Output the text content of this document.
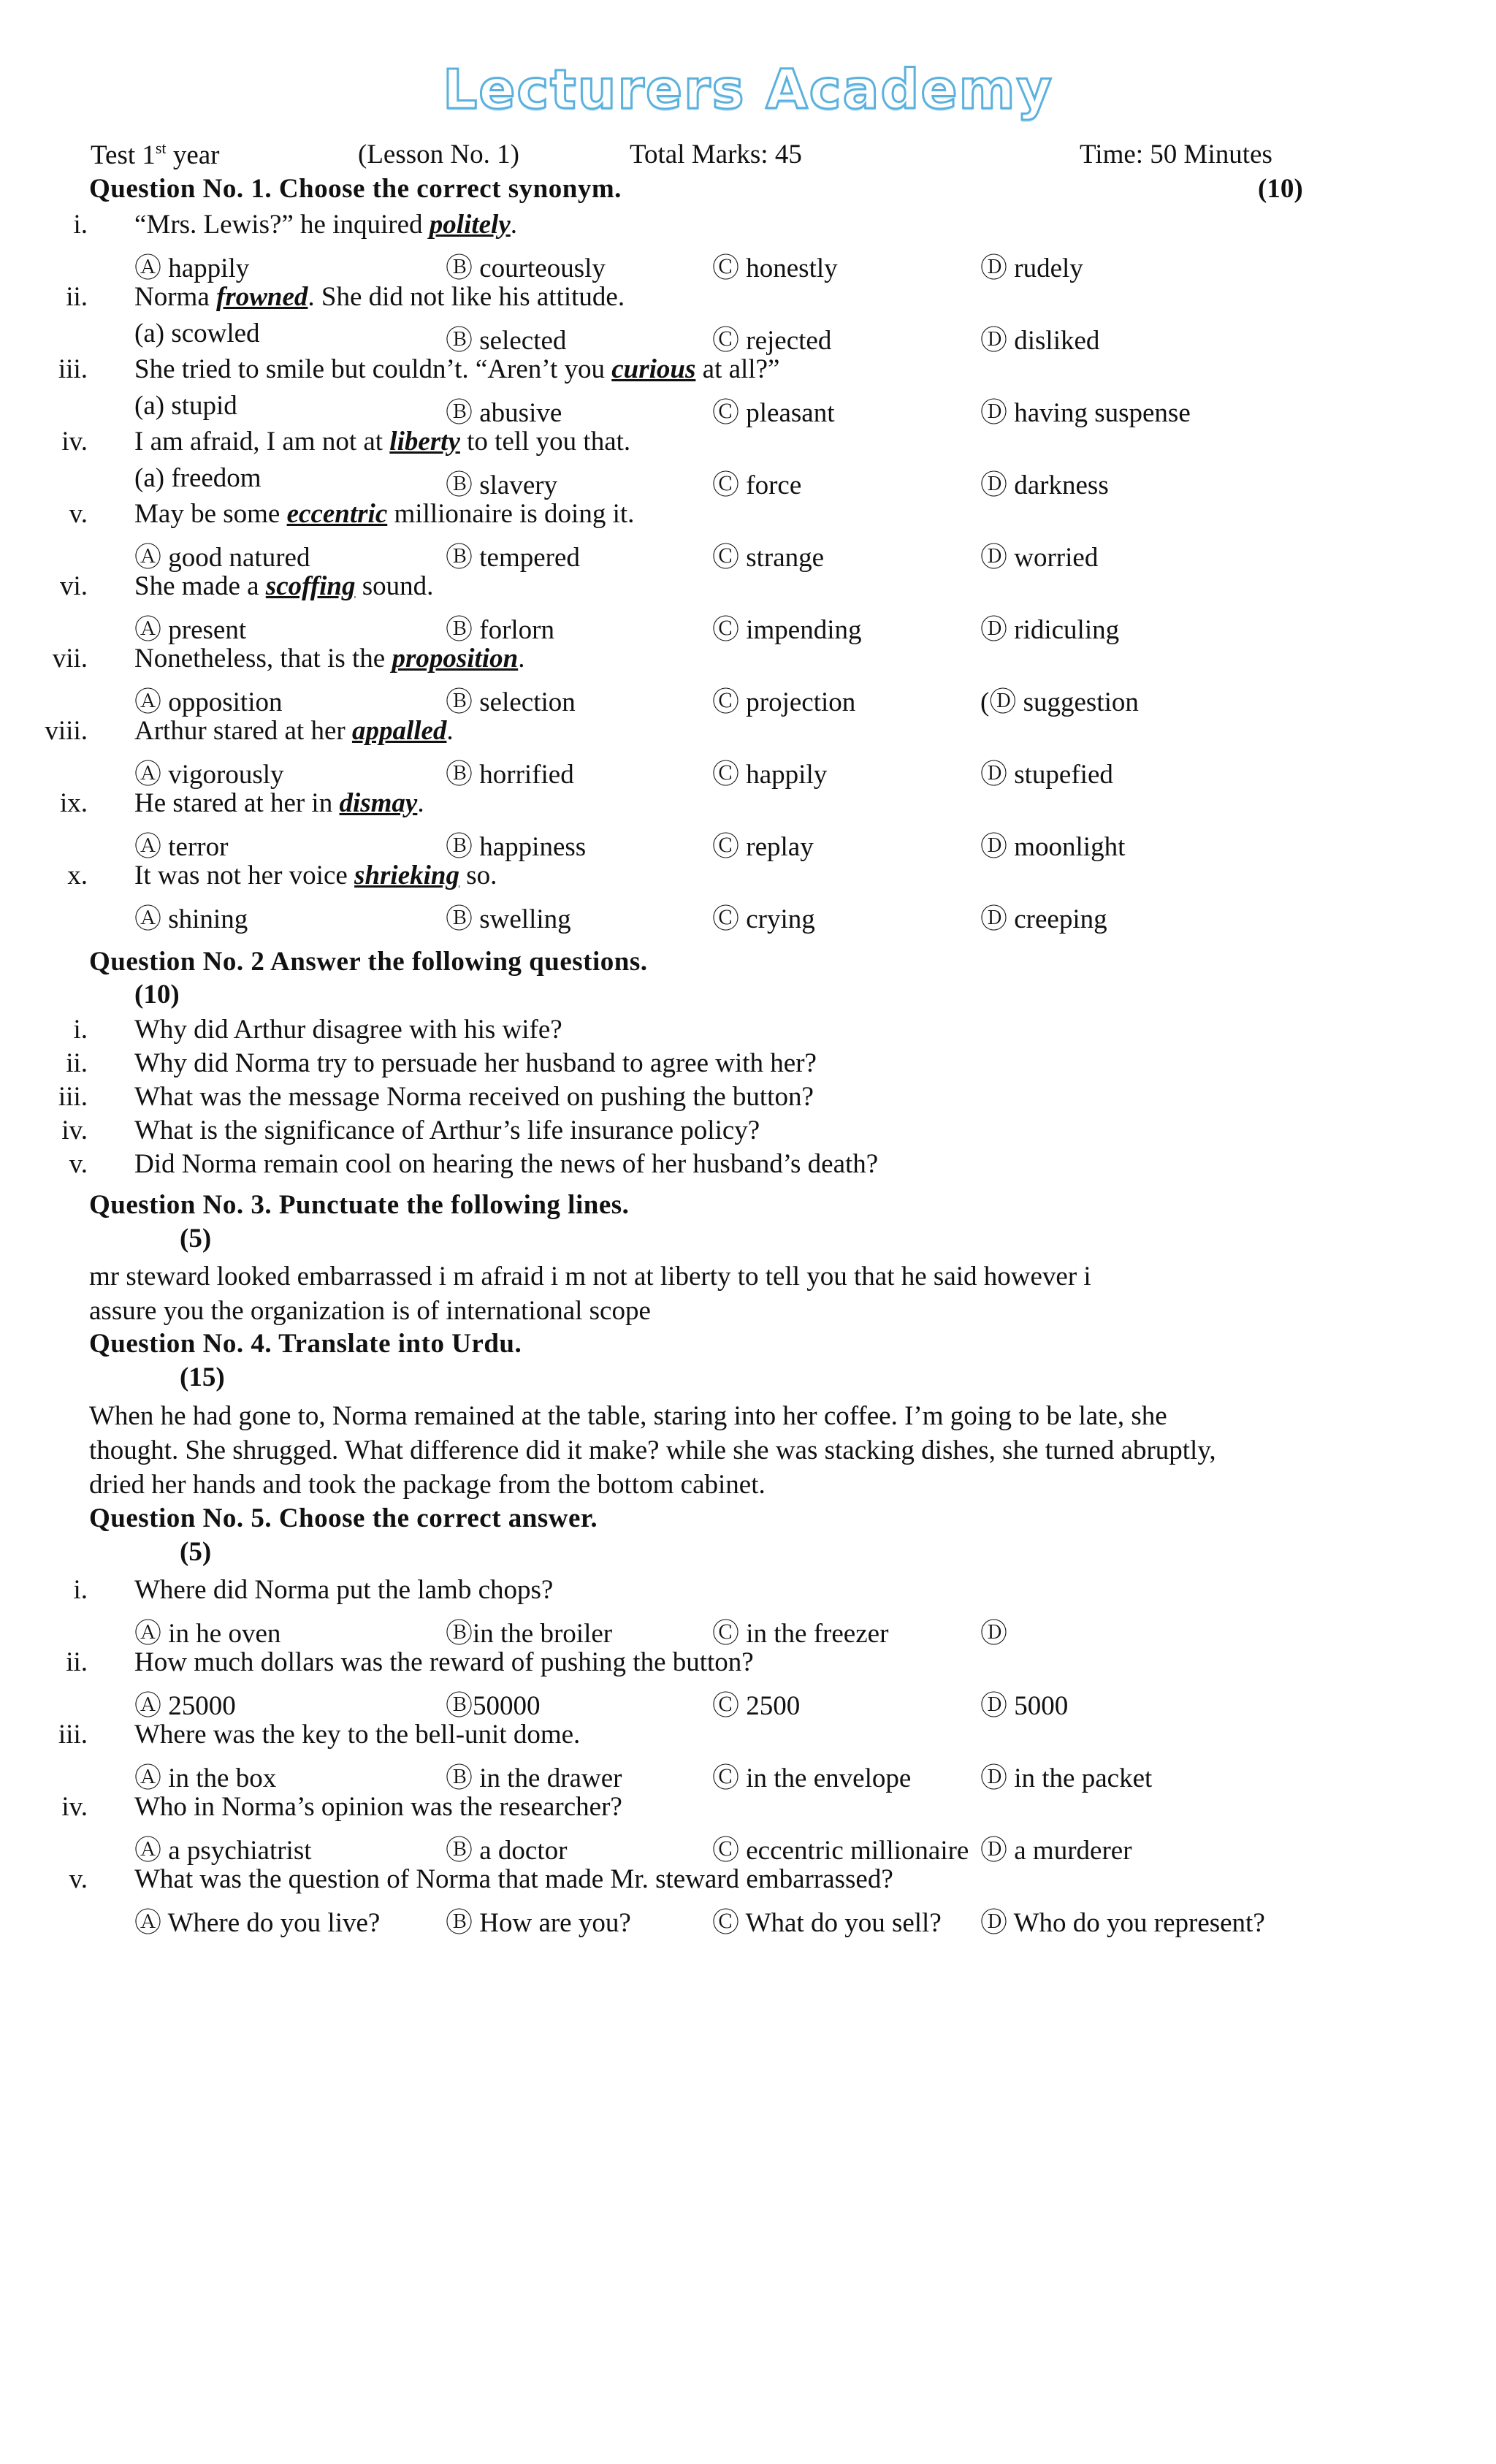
Lecturers Academy
Test 1st year	(Lesson No. 1)	Total Marks: 45	Time: 50 Minutes
Question No. 1. Choose the correct synonym.	(10)
i. “Mrs. Lewis?” he inquired politely.
Ⓐ happily	Ⓑ courteously	Ⓒ honestly	Ⓓ rudely
ii. Norma frowned. She did not like his attitude.
(a) scowled	Ⓑ selected	Ⓒ rejected	Ⓓ disliked
iii. She tried to smile but couldn’t. “Aren’t you curious at all?”
(a) stupid	Ⓑ abusive	Ⓒ pleasant	Ⓓ having suspense
iv. I am afraid, I am not at liberty to tell you that.
(a) freedom	Ⓑ slavery	Ⓒ force	Ⓓ darkness
v. May be some eccentric millionaire is doing it.
Ⓐ good natured	Ⓑ tempered	Ⓒ strange	Ⓓ worried
vi. She made a scoffing sound.
Ⓐ present	Ⓑ forlorn	Ⓒ impending	Ⓓ ridiculing
vii. Nonetheless, that is the proposition.
Ⓐ opposition	Ⓑ selection	Ⓒ projection	(Ⓓ suggestion
viii. Arthur stared at her appalled.
Ⓐ vigorously	Ⓑ horrified	Ⓒ happily	Ⓓ stupefied
ix. He stared at her in dismay.
Ⓐ terror	Ⓑ happiness	Ⓒ replay	Ⓓ moonlight
x. It was not her voice shrieking so.
Ⓐ shining	Ⓑ swelling	Ⓒ crying	Ⓓ creeping
Question No. 2 Answer the following questions.
(10)
i. Why did Arthur disagree with his wife?
ii. Why did Norma try to persuade her husband to agree with her?
iii. What was the message Norma received on pushing the button?
iv. What is the significance of Arthur’s life insurance policy?
v. Did Norma remain cool on hearing the news of her husband’s death?
Question No. 3. Punctuate the following lines.
(5)
mr steward looked embarrassed i m afraid i m not at liberty to tell you that he said however i
assure you the organization is of international scope
Question No. 4. Translate into Urdu.
(15)
When he had gone to, Norma remained at the table, staring into her coffee. I’m going to be late, she
thought. She shrugged. What difference did it make? while she was stacking dishes, she turned abruptly,
dried her hands and took the package from the bottom cabinet.
Question No. 5. Choose the correct answer.
(5)
i. Where did Norma put the lamb chops?
Ⓐ in he oven	Ⓑin the broiler	Ⓒ in the freezer	Ⓓ
ii. How much dollars was the reward of pushing the button?
Ⓐ 25000	Ⓑ50000	Ⓒ 2500	Ⓓ 5000
iii. Where was the key to the bell-unit dome.
Ⓐ in the box	Ⓑ in the drawer	Ⓒ in the envelope	Ⓓ in the packet
iv. Who in Norma’s opinion was the researcher?
Ⓐ a psychiatrist	Ⓑ a doctor	Ⓒ eccentric millionaire Ⓓ a murderer
v. What was the question of Norma that made Mr. steward embarrassed?
Ⓐ Where do you live? Ⓑ How are you?	Ⓒ What do you sell? Ⓓ Who do you represent?
